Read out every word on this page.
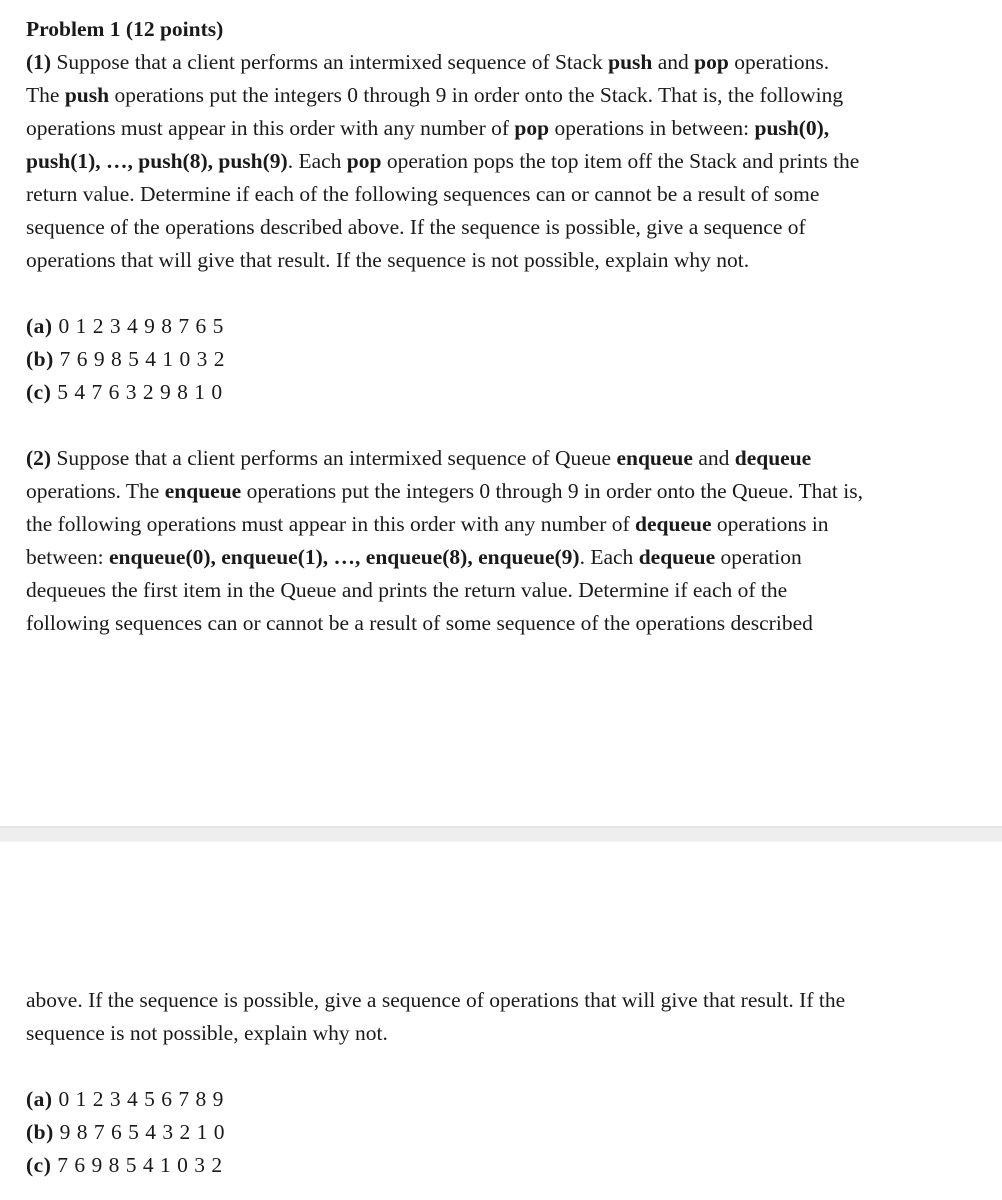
Problem 1 (12 points)
(1) Suppose that a client performs an intermixed sequence of Stack push and pop operations.
The push operations put the integers 0 through 9 in order onto the Stack. That is, the following
operations must appear in this order with any number of pop operations in between: push(0),
push(1), …, push(8), push(9). Each pop operation pops the top item off the Stack and prints the
return value. Determine if each of the following sequences can or cannot be a result of some
sequence of the operations described above. If the sequence is possible, give a sequence of
operations that will give that result. If the sequence is not possible, explain why not.
(a) 0 1 2 3 4 9 8 7 6 5
(b) 7 6 9 8 5 4 1 0 3 2
(c) 5 4 7 6 3 2 9 8 1 0
(2) Suppose that a client performs an intermixed sequence of Queue enqueue and dequeue
operations. The enqueue operations put the integers 0 through 9 in order onto the Queue. That is,
the following operations must appear in this order with any number of dequeue operations in
between: enqueue(0), enqueue(1), …, enqueue(8), enqueue(9). Each dequeue operation
dequeues the first item in the Queue and prints the return value. Determine if each of the
following sequences can or cannot be a result of some sequence of the operations described
above. If the sequence is possible, give a sequence of operations that will give that result. If the
sequence is not possible, explain why not.
(a) 0 1 2 3 4 5 6 7 8 9
(b) 9 8 7 6 5 4 3 2 1 0
(c) 7 6 9 8 5 4 1 0 3 2
